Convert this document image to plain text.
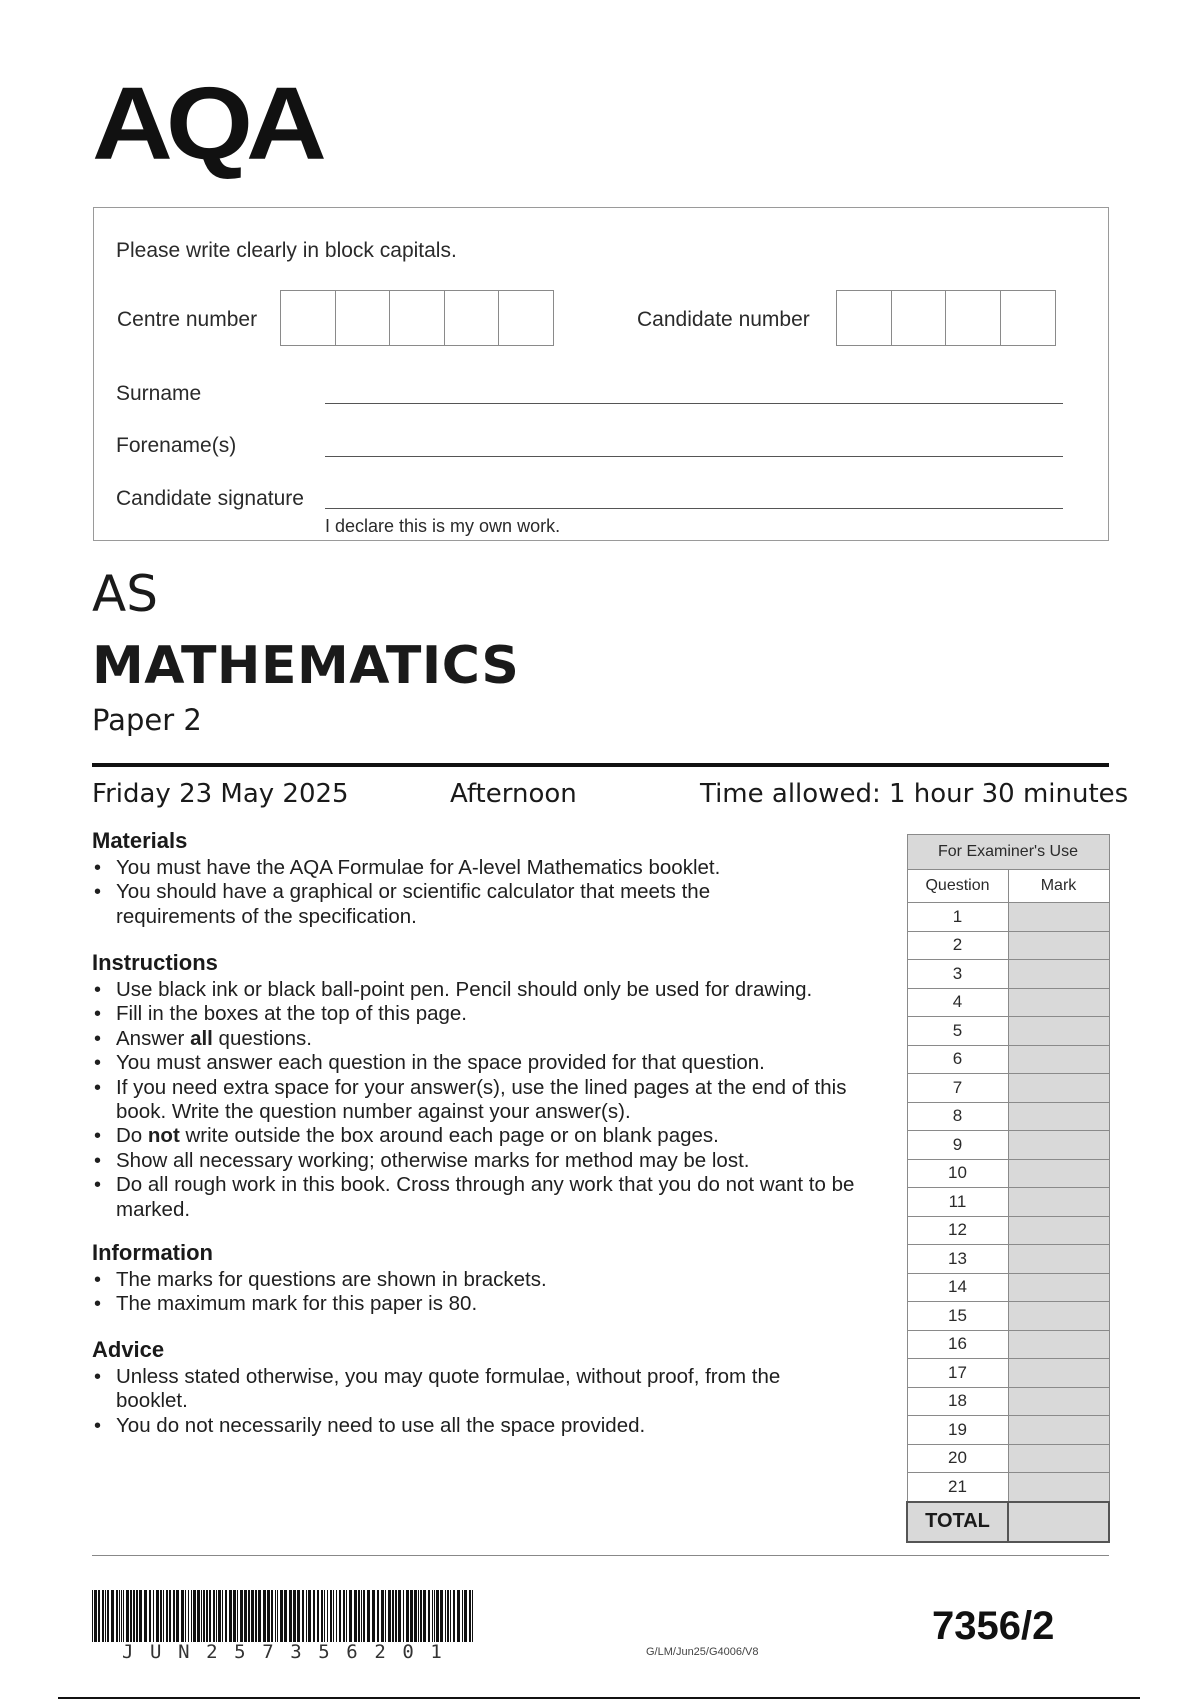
AQA
Please write clearly in block capitals.
Centre number	Candidate number
Surname
Forename(s)
Candidate signature
I declare this is my own work.
AS
MATHEMATICS
Paper 2
Friday 23 May 2025	Afternoon	Time allowed: 1 hour 30 minutes
Materials
• You must have the AQA Formulae for A-level Mathematics booklet.
• You should have a graphical or scientific calculator that meets the requirements of the specification.
Instructions
• Use black ink or black ball-point pen. Pencil should only be used for drawing.
• Fill in the boxes at the top of this page.
• Answer all questions.
• You must answer each question in the space provided for that question.
• If you need extra space for your answer(s), use the lined pages at the end of this book. Write the question number against your answer(s).
• Do not write outside the box around each page or on blank pages.
• Show all necessary working; otherwise marks for method may be lost.
• Do all rough work in this book. Cross through any work that you do not want to be marked.
Information
• The marks for questions are shown in brackets.
• The maximum mark for this paper is 80.
Advice
• Unless stated otherwise, you may quote formulae, without proof, from the booklet.
• You do not necessarily need to use all the space provided.
For Examiner's Use	
Question	Mark
1	
2	
3	
4	
5	
6	
7	
8	
9	
10	
11	
12	
13	
14	
15	
16	
17	
18	
19	
20	
21	
TOTAL	
JUN257356201	G/LM/Jun25/G4006/V8
7356/2
